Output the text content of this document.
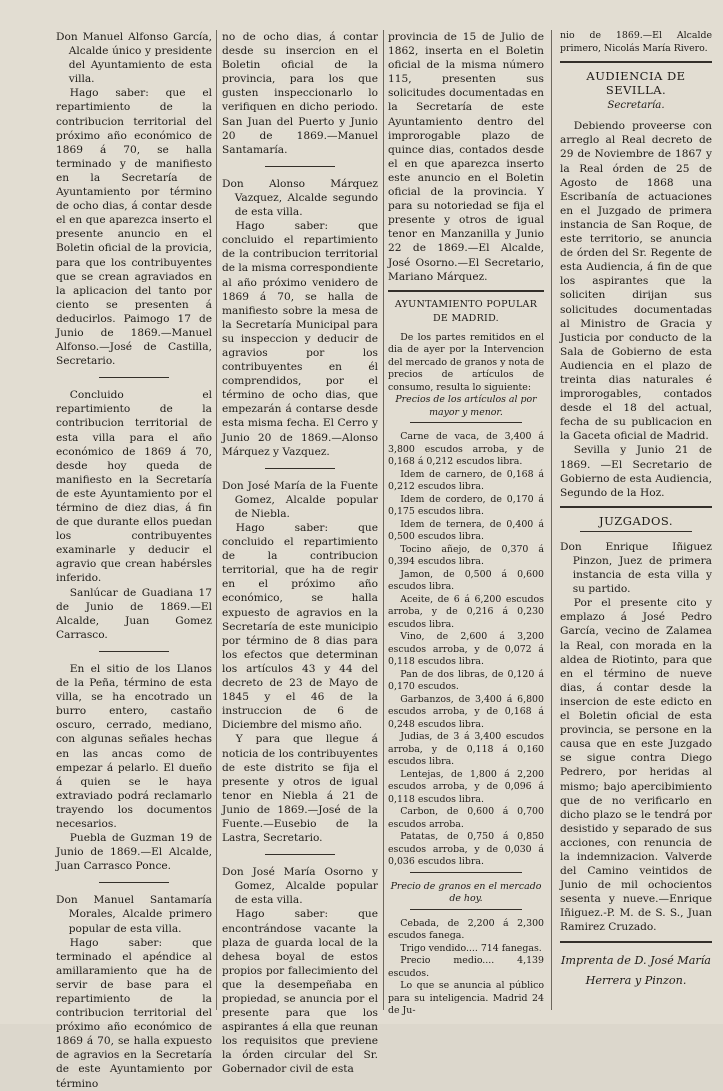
Don Manuel Alfonso García, Alcalde único y presidente del Ayuntamiento de esta villa.

Hago saber: que el repartimiento de la contribucion territorial del próximo año económico de 1869 á 70, se halla terminado y de manifiesto en la Secretaría de Ayuntamiento por término de ocho dias, á contar desde el en que aparezca inserto el presente anuncio en el Boletin oficial de la provicia, para que los contribuyentes que se crean agraviados en la aplicacion del tanto por ciento se presenten á deducirlos. Paimogo 17 de Junio de 1869.—Manuel Alfonso.—José de Castilla, Secretario.

Concluido el repartimiento de la contribucion territorial de esta villa para el año económico de 1869 á 70, desde hoy queda de manifiesto en la Secretaría de este Ayuntamiento por el término de diez dias, á fin de que durante ellos puedan los contribuyentes examinarle y deducir el agravio que crean habérsles inferido.

Sanlúcar de Guadiana 17 de Junio de 1869.—El Alcalde, Juan Gomez Carrasco.

En el sitio de los Llanos de la Peña, término de esta villa, se ha encotrado un burro entero, castaño oscuro, cerrado, mediano, con algunas señales hechas en las ancas como de empezar á pelarlo. El dueño á quien se le haya extraviado podrá reclamarlo trayendo los documentos necesarios.

Puebla de Guzman 19 de Junio de 1869.—El Alcalde, Juan Carrasco Ponce.

Don Manuel Santamaría Morales, Alcalde primero popular de esta villa.

Hago saber: que terminado el apéndice al amillaramiento que ha de servir de base para el repartimiento de la contribucion territorial del próximo año económico de 1869 á 70, se halla expuesto de agravios en la Secretaría de este Ayuntamiento por término

no de ocho dias, á contar desde su insercion en el Boletin oficial de la provincia, para los que gusten inspeccionarlo lo verifiquen en dicho periodo. San Juan del Puerto y Junio 20 de 1869.—Manuel Santamaría.

Don Alonso Márquez Vazquez, Alcalde segundo de esta villa.

Hago saber: que concluido el repartimiento de la contribucion territorial de la misma correspondiente al año próximo venidero de 1869 á 70, se halla de manifiesto sobre la mesa de la Secretaría Municipal para su inspeccion y deducir de agravios por los contribuyentes en él comprendidos, por el término de ocho dias, que empezarán á contarse desde esta misma fecha. El Cerro y Junio 20 de 1869.—Alonso Márquez y Vazquez.

Don José María de la Fuente Gomez, Alcalde popular de Niebla.

Hago saber: que concluido el repartimiento de la contribucion territorial, que ha de regir en el próximo año económico, se halla expuesto de agravios en la Secretaría de este municipio por término de 8 dias para los efectos que determinan los artículos 43 y 44 del decreto de 23 de Mayo de 1845 y el 46 de la instruccion de 6 de Diciembre del mismo año.

Y para que llegue á noticia de los contribuyentes de este distrito se fija el presente y otros de igual tenor en Niebla á 21 de Junio de 1869.—José de la Fuente.—Eusebio de la Lastra, Secretario.

Don José María Osorno y Gomez, Alcalde popular de esta villa.

Hago saber: que encontrándose vacante la plaza de guarda local de la dehesa boyal de estos propios por fallecimiento del que la desempeñaba en propiedad, se anuncia por el presente para que los aspirantes á ella que reunan los requisitos que previene la órden circular del Sr. Gobernador civil de esta

provincia de 15 de Julio de 1862, inserta en el Boletin oficial de la misma número 115, presenten sus solicitudes documentadas en la Secretaría de este Ayuntamiento dentro del improrogable plazo de quince dias, contados desde el en que aparezca inserto este anuncio en el Boletin oficial de la provincia. Y para su notoriedad se fija el presente y otros de igual tenor en Manzanilla y Junio 22 de 1869.—El Alcalde, José Osorno.—El Secretario, Mariano Márquez.

AYUNTAMIENTO POPULAR DE MADRID.

De los partes remitidos en el dia de ayer por la Intervencion del mercado de granos y nota de precios de artículos de consumo, resulta lo siguiente:

Precios de los artículos al por mayor y menor.

Carne de vaca, de 3,400 á 3,800 escudos arroba, y de 0,168 á 0,212 escudos libra.

Idem de carnero, de 0,168 á 0,212 escudos libra.

Idem de cordero, de 0,170 á 0,175 escudos libra.

Idem de ternera, de 0,400 á 0,500 escudos libra.

Tocino añejo, de 0,370 á 0,394 escudos libra.

Jamon, de 0,500 á 0,600 escudos libra.

Aceite, de 6 á 6,200 escudos arroba, y de 0,216 á 0,230 escudos libra.

Vino, de 2,600 á 3,200 escudos arroba, y de 0,072 á 0,118 escudos libra.

Pan de dos libras, de 0,120 á 0,170 escudos.

Garbanzos, de 3,400 á 6,800 escudos arroba, y de 0,168 á 0,248 escudos libra.

Judias, de 3 á 3,400 escudos arroba, y de 0,118 á 0,160 escudos libra.

Lentejas, de 1,800 á 2,200 escudos arroba, y de 0,096 á 0,118 escudos libra.

Carbon, de 0,600 á 0,700 escudos arroba.

Patatas, de 0,750 á 0,850 escudos arroba, y de 0,030 á 0,036 escudos libra.

Precio de granos en el mercado de hoy.

Cebada, de 2,200 á 2,300 escudos fanega.

Trigo vendido.... 714 fanegas.

Precio medio.... 4,139 escudos.

Lo que se anuncia al público para su inteligencia. Madrid 24 de Ju-

nio de 1869.—El Alcalde primero, Nicolás María Rivero.

AUDIENCIA DE SEVILLA.

Secretaría.

Debiendo proveerse con arreglo al Real decreto de 29 de Noviembre de 1867 y la Real órden de 25 de Agosto de 1868 una Escribanía de actuaciones en el Juzgado de primera instancia de San Roque, de este territorio, se anuncia de órden del Sr. Regente de esta Audiencia, á fin de que los aspirantes que la soliciten dirijan sus solicitudes documentadas al Ministro de Gracia y Justicia por conducto de la Sala de Gobierno de esta Audiencia en el plazo de treinta dias naturales é improrogables, contados desde el 18 del actual, fecha de su publicacion en la Gaceta oficial de Madrid.

Sevilla y Junio 21 de 1869. —El Secretario de Gobierno de esta Audiencia, Segundo de la Hoz.

JUZGADOS.

Don Enrique Iñiguez Pinzon, Juez de primera instancia de esta villa y su partido.

Por el presente cito y emplazo á José Pedro García, vecino de Zalamea la Real, con morada en la aldea de Riotinto, para que en el término de nueve dias, á contar desde la insercion de este edicto en el Boletin oficial de esta provincia, se persone en la causa que en este Juzgado se sigue contra Diego Pedrero, por heridas al mismo; bajo apercibimiento que de no verificarlo en dicho plazo se le tendrá por desistido y separado de sus acciones, con renuncia de la indemnizacion. Valverde del Camino veintidos de Junio de mil ochocientos sesenta y nueve.—Enrique Iñiguez.-P. M. de S. S., Juan Ramirez Cruzado.

Imprenta de D. José María Herrera y Pinzon.
